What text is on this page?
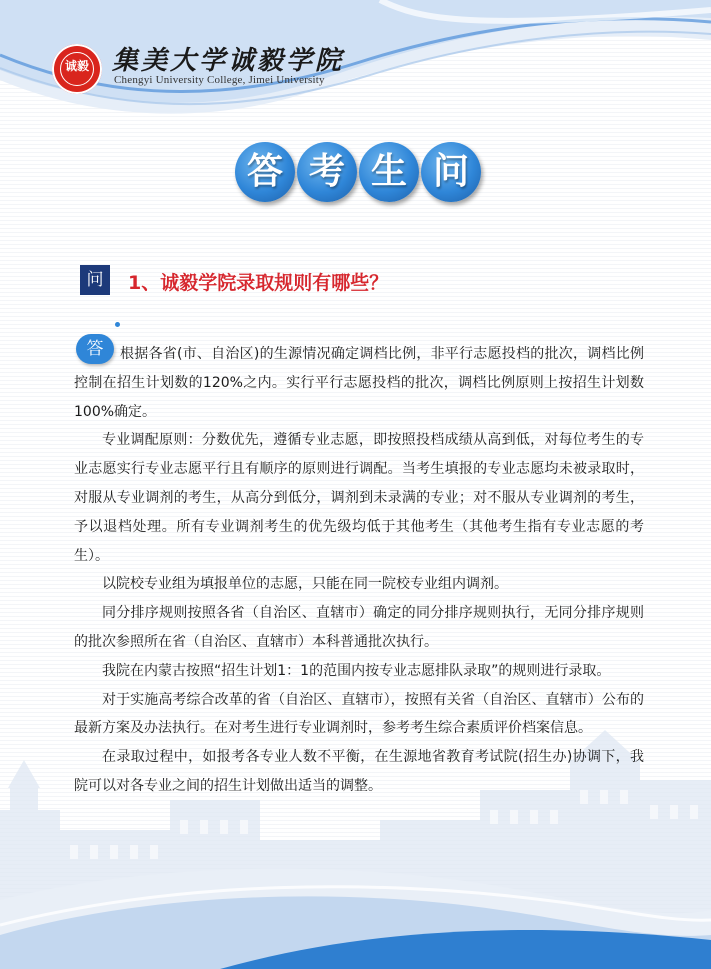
诚毅 集美大学诚毅学院
Chengyi University College, Jimei University
答 考 生 问
问	1、诚毅学院录取规则有哪些？
答	根据各省(市、自治区)的生源情况确定调档比例，非平行志愿投档的批次，调档比例控制在招生计划数的120%之内。实行平行志愿投档的批次，调档比例原则上按招生计划数100%确定。

专业调配原则：分数优先，遵循专业志愿，即按照投档成绩从高到低，对每位考生的专业志愿实行专业志愿平行且有顺序的原则进行调配。当考生填报的专业志愿均未被录取时，对服从专业调剂的考生，从高分到低分，调剂到未录满的专业；对不服从专业调剂的考生，予以退档处理。所有专业调剂考生的优先级均低于其他考生（其他考生指有专业志愿的考生）。

以院校专业组为填报单位的志愿，只能在同一院校专业组内调剂。

同分排序规则按照各省（自治区、直辖市）确定的同分排序规则执行，无同分排序规则的批次参照所在省（自治区、直辖市）本科普通批次执行。

我院在内蒙古按照“招生计划1：1的范围内按专业志愿排队录取”的规则进行录取。

对于实施高考综合改革的省（自治区、直辖市），按照有关省（自治区、直辖市）公布的最新方案及办法执行。在对考生进行专业调剂时，参考考生综合素质评价档案信息。

在录取过程中，如报考各专业人数不平衡，在生源地省教育考试院(招生办)协调下，我院可以对各专业之间的招生计划做出适当的调整。
